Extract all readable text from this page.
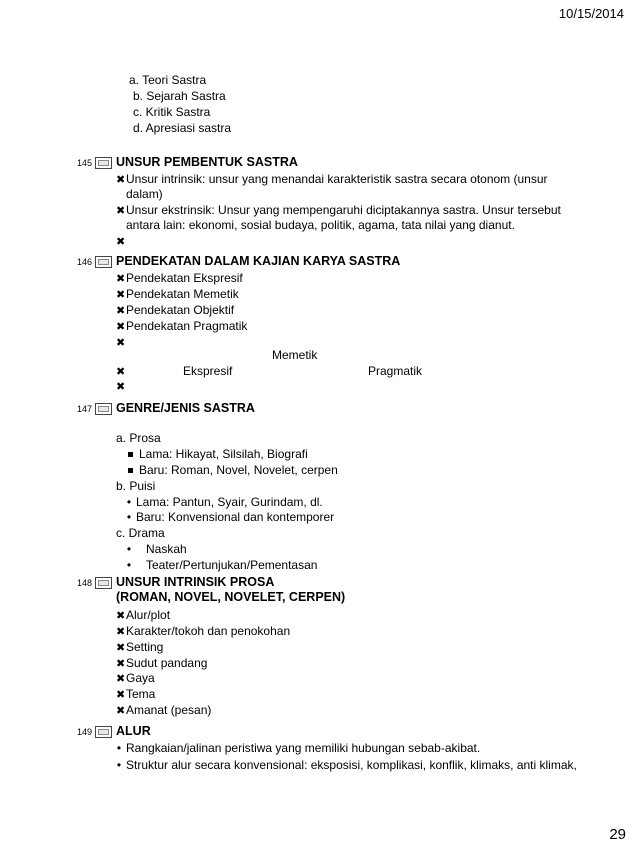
10/15/2014
a. Teori Sastra
b. Sejarah Sastra
c. Kritik Sastra
d. Apresiasi sastra
145 UNSUR PEMBENTUK SASTRA
✖Unsur intrinsik: unsur yang menandai karakteristik sastra secara otonom (unsur
dalam)
✖Unsur ekstrinsik: Unsur yang mempengaruhi diciptakannya sastra. Unsur tersebut
antara lain: ekonomi, sosial budaya, politik, agama, tata nilai yang dianut.
✖
146 PENDEKATAN DALAM KAJIAN KARYA SASTRA
✖Pendekatan Ekspresif
✖Pendekatan Memetik
✖Pendekatan Objektif
✖Pendekatan Pragmatik
✖
Memetik
✖	Ekspresif	Pragmatik
✖
147 GENRE/JENIS SASTRA
a. Prosa
Lama: Hikayat, Silsilah, Biografi
Baru: Roman, Novel, Novelet, cerpen
b. Puisi
• Lama: Pantun, Syair, Gurindam, dl.
• Baru: Konvensional dan kontemporer
c. Drama
• Naskah
• Teater/Pertunjukan/Pementasan
148 UNSUR INTRINSIK PROSA
(ROMAN, NOVEL, NOVELET, CERPEN)
✖Alur/plot
✖Karakter/tokoh dan penokohan
✖Setting
✖Sudut pandang
✖Gaya
✖Tema
✖Amanat (pesan)
149 ALUR
• Rangkaian/jalinan peristiwa yang memiliki hubungan sebab-akibat.
• Struktur alur secara konvensional: eksposisi, komplikasi, konflik, klimaks, anti klimak,
29
